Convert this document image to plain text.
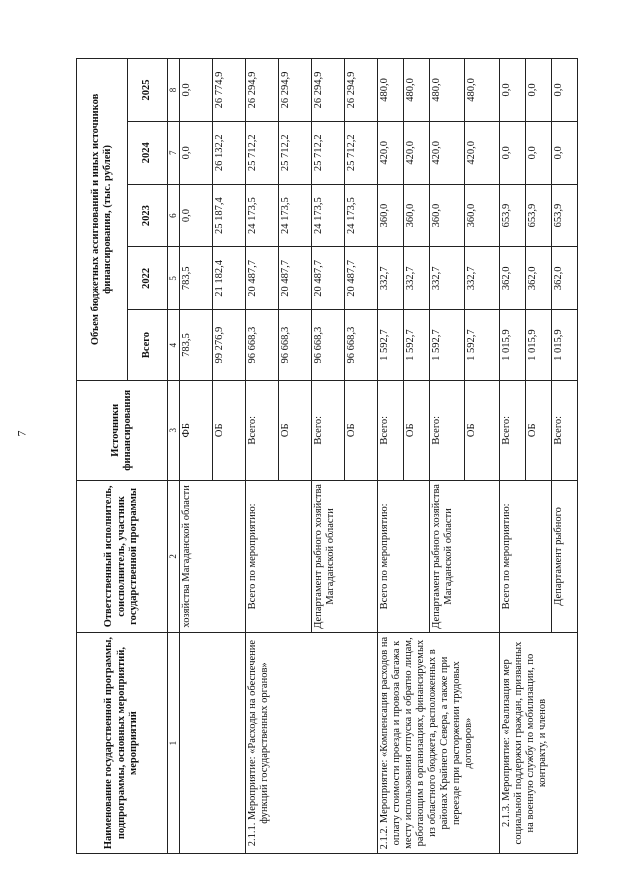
7
Наименование государственной программы, подпрограммы, основных мероприятий, мероприятий	Ответственный исполнитель, соисполнитель, участник государственной программы	Источники финансирования	Объем бюджетных ассигнований и иных источников финансирования, (тыс. рублей)				
			Всего	2022	2023	2024	2025
1	2	3	4	5	6	7	8
	хозяйства Магаданской области	ФБ	783,5	783,5	0,0	0,0	0,0
		ОБ	99 276,9	21 182,4	25 187,4	26 132,2	26 774,9
2.1.1. Мероприятие: «Расходы на обеспечение функций государственных органов»	Всего по мероприятию:	Всего:	96 668,3	20 487,7	24 173,5	25 712,2	26 294,9
		ОБ	96 668,3	20 487,7	24 173,5	25 712,2	26 294,9
	Департамент рыбного хозяйства Магаданской области	Всего:	96 668,3	20 487,7	24 173,5	25 712,2	26 294,9
		ОБ	96 668,3	20 487,7	24 173,5	25 712,2	26 294,9
2.1.2. Мероприятие: «Компенсация расходов на оплату стоимости проезда и провоза багажа к месту использования отпуска и обратно лицам, работающим в организациях, финансируемых из областного бюджета, расположенных в районах Крайнего Севера, а также при переезде при расторжении трудовых договоров»	Всего по мероприятию:	Всего:	1 592,7	332,7	360,0	420,0	480,0
		ОБ	1 592,7	332,7	360,0	420,0	480,0
	Департамент рыбного хозяйства Магаданской области	Всего:	1 592,7	332,7	360,0	420,0	480,0
		ОБ	1 592,7	332,7	360,0	420,0	480,0
2.1.3. Мероприятие: «Реализация мер социальной поддержки граждан, призванных на военную службу по мобилизации, по контракту, и членов	Всего по мероприятию:	Всего:	1 015,9	362,0	653,9	0,0	0,0
		ОБ	1 015,9	362,0	653,9	0,0	0,0
	Департамент рыбного	Всего:	1 015,9	362,0	653,9	0,0	0,0
